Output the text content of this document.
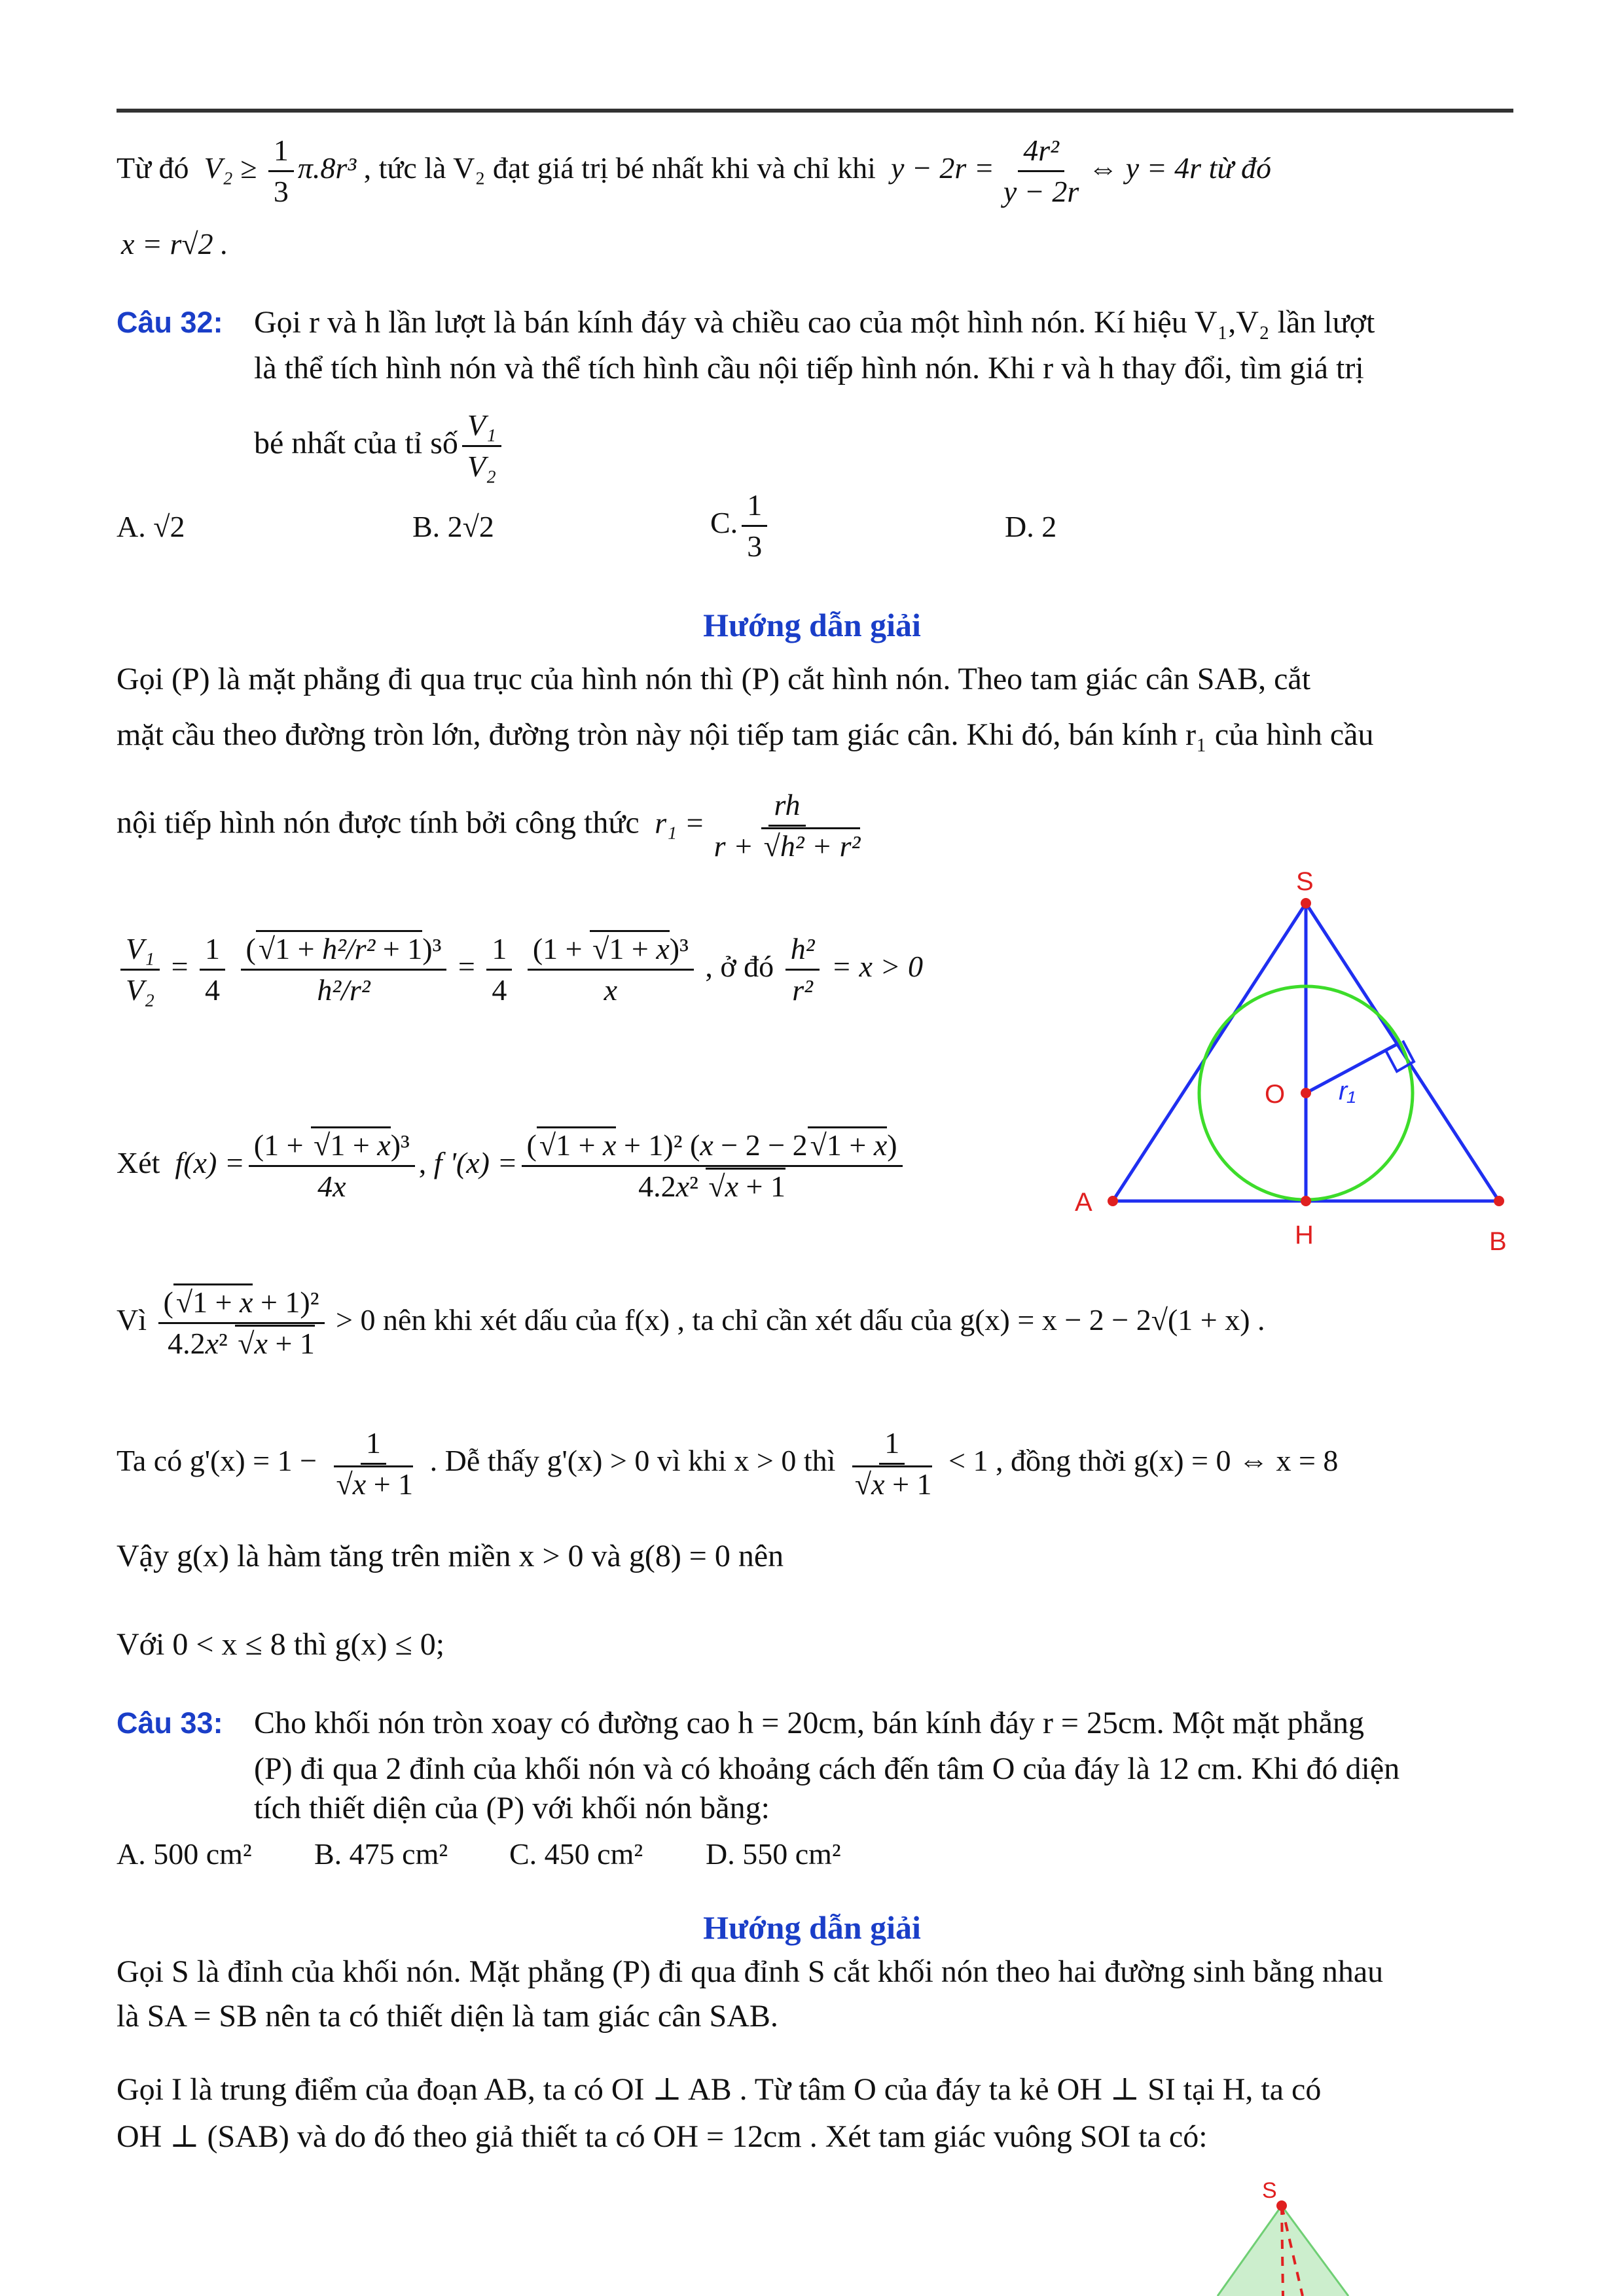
Từ đó $V_2 \ge \frac{1}{3} \pi.8r^3$ , tức là V₂ đạt giá trị bé nhất khi và chỉ khi $y - 2r = \frac{\text{4r²}}{y - 2r}$ ⇔ y = 4r từ đó
x = r√2 .
Câu 32: Gọi r và h lần lượt là bán kính đáy và chiều cao của một hình nón. Kí hiệu V₁,V₂ lần lượt
là thể tích hình nón và thể tích hình cầu nội tiếp hình nón. Khi r và h thay đổi, tìm giá trị
bé nhất của tỉ số $\frac{\text{V₁}}{\text{V₂}}$
A. √2	B. 2√2	C. $\frac{1}{3}$	D. 2
Hướng dẫn giải
Gọi (P) là mặt phẳng đi qua trục của hình nón thì (P) cắt hình nón. Theo tam giác cân SAB, cắt
mặt cầu theo đường tròn lớn, đường tròn này nội tiếp tam giác cân. Khi đó, bán kính r₁ của hình cầu
nội tiếp hình nón được tính bởi công thức  $r_1 = \frac{rh}{\text{r + √ h² + r²}}$
$\frac{\text{V₁}}{\text{V₂}} = \frac{1}{4}$
$\frac{\text{( √ 1 + h²/r² + 1)³}}{\text{h²/r²}} = \frac{1}{4}$
$\frac{\text{(1 + √ 1 + x)³}}{x}$ , ở đó $\frac{\text{h²}}{\text{r²}} = x > 0$
Xét  $f(x) = \frac{\text{(1 + √ 1 + x)³}}{4x}$ , f '$(x) = \frac{\text{( √ 1 + x + 1)² (x − 2 − 2 √ 1 + x)}}{\text{4.2x² √ x + 1}}$
Vì $\frac{\text{( √ 1 + x + 1)²}}{\text{4.2x² √ x + 1}} > 0$ nên khi xét dấu của f(x) , ta chỉ cần xét dấu của g(x) = x − 2 − 2√(1 + x) .
Ta có g'(x) = 1 − 1
√ x + 1 . Dễ thấy g'(x) > 0 vì khi x > 0 thì 1
√ x + 1 < 1 , đồng thời g(x) = 0 ⇔ x = 8
Vậy g(x) là hàm tăng trên miền x > 0 và g(8) = 0 nên
Với 0 < x ≤ 8 thì g(x) ≤ 0;
S
O r₁
A
H	B
Câu 33: Cho khối nón tròn xoay có đường cao h = 20cm, bán kính đáy r = 25cm. Một mặt phẳng
(P) đi qua 2 đỉnh của khối nón và có khoảng cách đến tâm O của đáy là 12 cm. Khi đó diện
tích thiết diện của (P) với khối nón bằng:
A. 500 cm² B. 475 cm² C. 450 cm² D. 550 cm²
Hướng dẫn giải
Gọi S là đỉnh của khối nón. Mặt phẳng (P) đi qua đỉnh S cắt khối nón theo hai đường sinh bằng nhau
là SA = SB nên ta có thiết diện là tam giác cân SAB.
Gọi I là trung điểm của đoạn AB, ta có OI ⊥ AB . Từ tâm O của đáy ta kẻ OH ⊥ SI tại H, ta có
OH ⊥ (SAB) và do đó theo giả thiết ta có OH = 12cm . Xét tam giác vuông SOI ta có:
S
